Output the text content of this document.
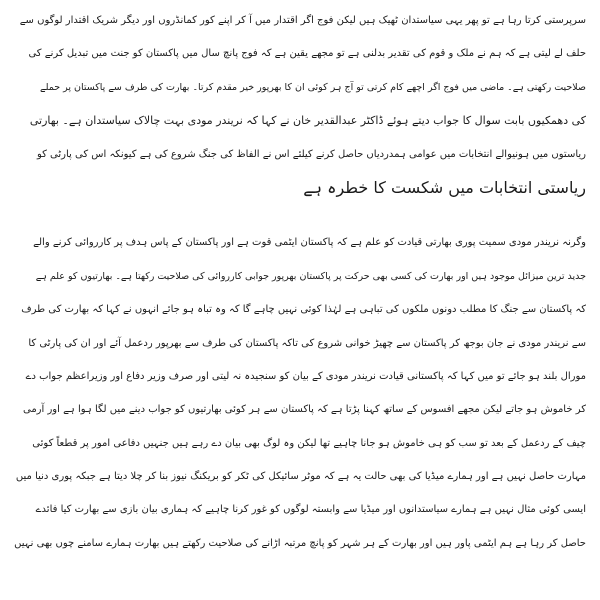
سرپرستی کرتا رہا ہے تو پھر یہی سیاستدان ٹھیک ہیں لیکن فوج اگر اقتدار میں آ کر اپنے کور کمانڈروں اور دیگر شریک اقتدار لوگوں سے
حلف لے لیتی ہے کہ ہم نے ملک و قوم کی تقدیر بدلنی ہے تو مجھے یقین ہے کہ فوج پانچ سال میں پاکستان کو جنت میں تبدیل کرنے کی
صلاحیت رکھتی ہے۔ ماضی میں فوج اگر اچھے کام کرتی تو آج ہر کوئی ان کا بھرپور خیر مقدم کرتا۔ بھارت کی طرف سے پاکستان پر حملے
کی دھمکیوں بابت سوال کا جواب دیتے ہوئے ڈاکٹر عبدالقدیر خان نے کہا کہ نریندر مودی بہت چالاک سیاستدان ہے۔ بھارتی
ریاستوں میں ہونیوالے انتخابات میں عوامی ہمدردیاں حاصل کرنے کیلئے اس نے الفاظ کی جنگ شروع کی ہے کیونکہ اس کی پارٹی کو
ریاستی انتخابات میں شکست کا خطرہ ہے
وگرنہ نریندر مودی سمیت پوری بھارتی قیادت کو علم ہے کہ پاکستان ایٹمی قوت ہے اور پاکستان کے پاس ہدف پر کارروائی کرنے والے
جدید ترین میزائل موجود ہیں اور بھارت کی کسی بھی حرکت پر پاکستان بھرپور جوابی کارروائی کی صلاحیت رکھتا ہے۔ بھارتیوں کو علم ہے
کہ پاکستان سے جنگ کا مطلب دونوں ملکوں کی تباہی ہے لہٰذا کوئی نہیں چاہے گا کہ وہ تباہ ہو جائے انہوں نے کہا کہ بھارت کی طرف
سے نریندر مودی نے جان بوجھ کر پاکستان سے چھیڑ خوانی شروع کی تاکہ پاکستان کی طرف سے بھرپور ردعمل آئے اور ان کی پارٹی کا
مورال بلند ہو جائے تو میں کہا کہ پاکستانی قیادت نریندر مودی کے بیان کو سنجیدہ نہ لیتی اور صرف وزیر دفاع اور وزیراعظم جواب دے
کر خاموش ہو جاتے لیکن مجھے افسوس کے ساتھ کہنا پڑتا ہے کہ پاکستان سے ہر کوئی بھارتیوں کو جواب دینے میں لگا ہوا ہے اور آرمی
چیف کے ردعمل کے بعد تو سب کو ہی خاموش ہو جانا چاہیے تھا لیکن وہ لوگ بھی بیان دے رہے ہیں جنہیں دفاعی امور پر قطعاً کوئی
مہارت حاصل نہیں ہے اور ہمارے میڈیا کی بھی حالت یہ ہے کہ موٹر سائیکل کی ٹکر کو بریکنگ نیوز بنا کر چلا دیتا ہے جبکہ پوری دنیا میں
ایسی کوئی مثال نہیں ہے ہمارے سیاستدانوں اور میڈیا سے وابستہ لوگوں کو غور کرنا چاہیے کہ ہماری بیان بازی سے بھارت کیا فائدے
حاصل کر رہا ہے ہم ایٹمی پاور ہیں اور بھارت کے ہر شہر کو پانچ مرتبہ اڑانے کی صلاحیت رکھتے ہیں بھارت ہمارے سامنے چوں بھی نہیں
